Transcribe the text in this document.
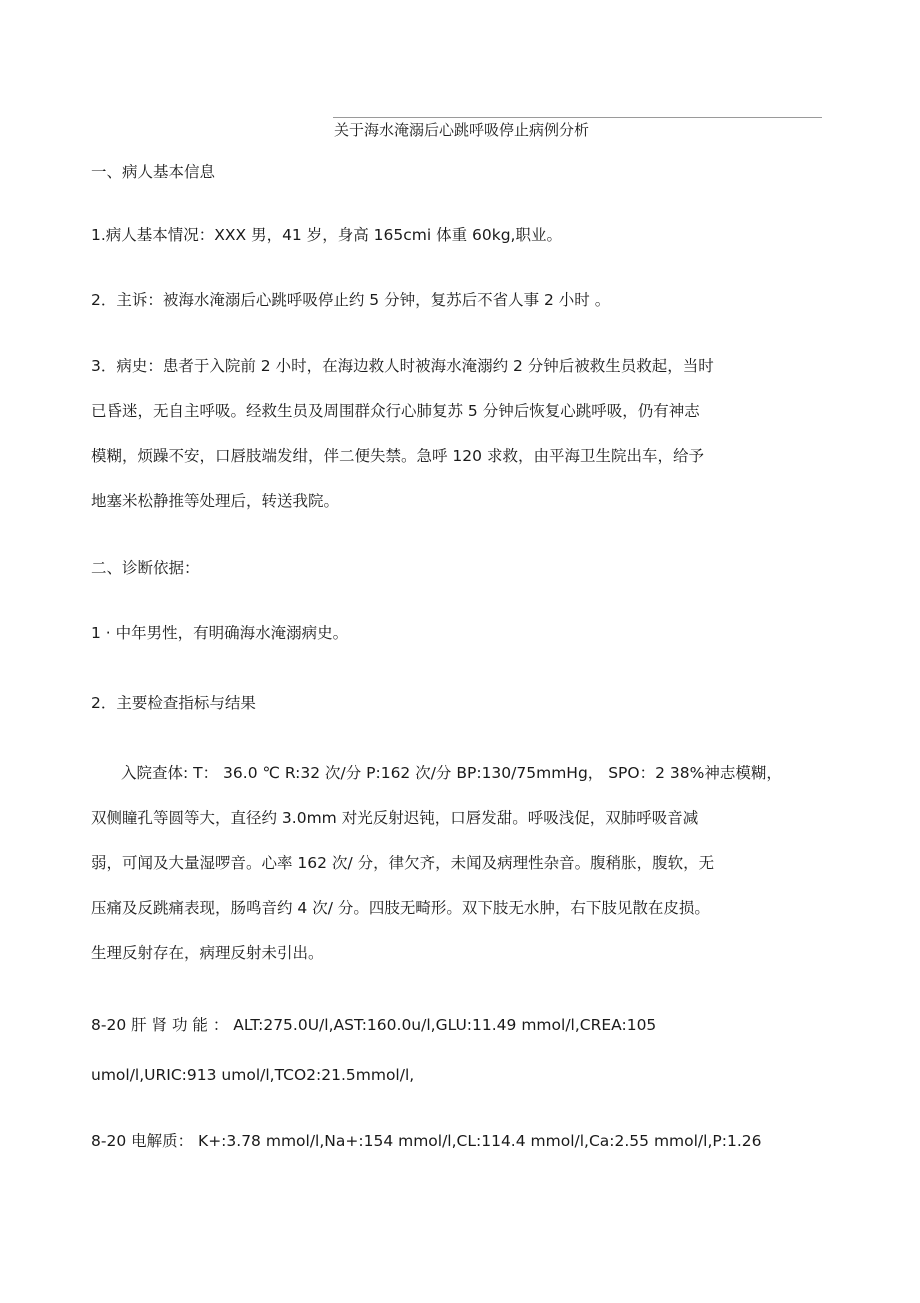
关于海水淹溺后心跳呼吸停止病例分析
一、病人基本信息
1.病人基本情况：XXX 男，41 岁，身高 165cmi 体重 60kg,职业。
2．主诉：被海水淹溺后心跳呼吸停止约 5 分钟，复苏后不省人事 2 小时 。
3．病史：患者于入院前 2 小时，在海边救人时被海水淹溺约 2 分钟后被救生员救起，当时
已昏迷，无自主呼吸。经救生员及周围群众行心肺复苏 5 分钟后恢复心跳呼吸，仍有神志
模糊，烦躁不安，口唇肢端发绀，伴二便失禁。急呼 120 求救，由平海卫生院出车，给予
地塞米松静推等处理后，转送我院。
二、诊断依据：
1 · 中年男性，有明确海水淹溺病史。
2．主要检查指标与结果
入院查体: T： 36.0 ℃ R:32 次/分 P:162 次/分 BP:130/75mmHg， SPO：2 38%神志模糊，
双侧瞳孔等圆等大，直径约 3.0mm 对光反射迟钝，口唇发甜。呼吸浅促，双肺呼吸音减
弱，可闻及大量湿啰音。心率 162 次/ 分，律欠齐，未闻及病理性杂音。腹稍胀，腹软，无
压痛及反跳痛表现，肠鸣音约 4 次/ 分。四肢无畸形。双下肢无水肿，右下肢见散在皮损。
生理反射存在，病理反射未引出。
8-20 肝 肾 功 能 ： ALT:275.0U/l,AST:160.0u/l,GLU:11.49 mmol/l,CREA:105
umol/l,URIC:913 umol/l,TCO2:21.5mmol/l,
8-20 电解质： K+:3.78 mmol/l,Na+:154 mmol/l,CL:114.4 mmol/l,Ca:2.55 mmol/l,P:1.26
